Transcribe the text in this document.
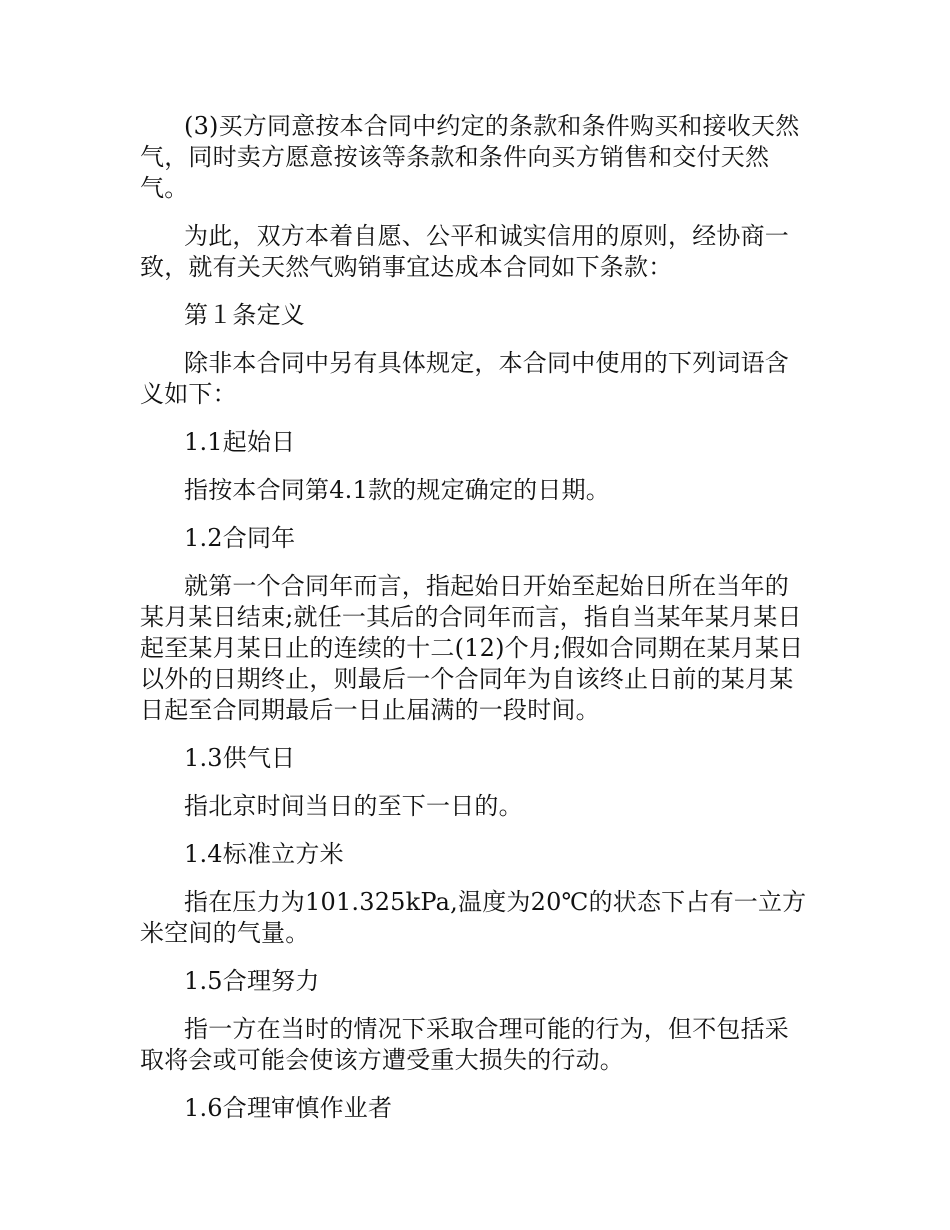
(3)买方同意按本合同中约定的条款和条件购买和接收天然气，同时卖方愿意按该等条款和条件向买方销售和交付天然气。

为此，双方本着自愿、公平和诚实信用的原则，经协商一致，就有关天然气购销事宜达成本合同如下条款：

第１条定义

除非本合同中另有具体规定，本合同中使用的下列词语含义如下：

1.1起始日

指按本合同第4.1款的规定确定的日期。

1.2合同年

就第一个合同年而言，指起始日开始至起始日所在当年的某月某日结束;就任一其后的合同年而言，指自当某年某月某日起至某月某日止的连续的十二(12)个月;假如合同期在某月某日以外的日期终止，则最后一个合同年为自该终止日前的某月某日起至合同期最后一日止届满的一段时间。

1.3供气日

指北京时间当日的至下一日的。

1.4标准立方米

指在压力为101.325kPa,温度为20℃的状态下占有一立方米空间的气量。

1.5合理努力

指一方在当时的情况下采取合理可能的行为，但不包括采取将会或可能会使该方遭受重大损失的行动。

1.6合理审慎作业者
